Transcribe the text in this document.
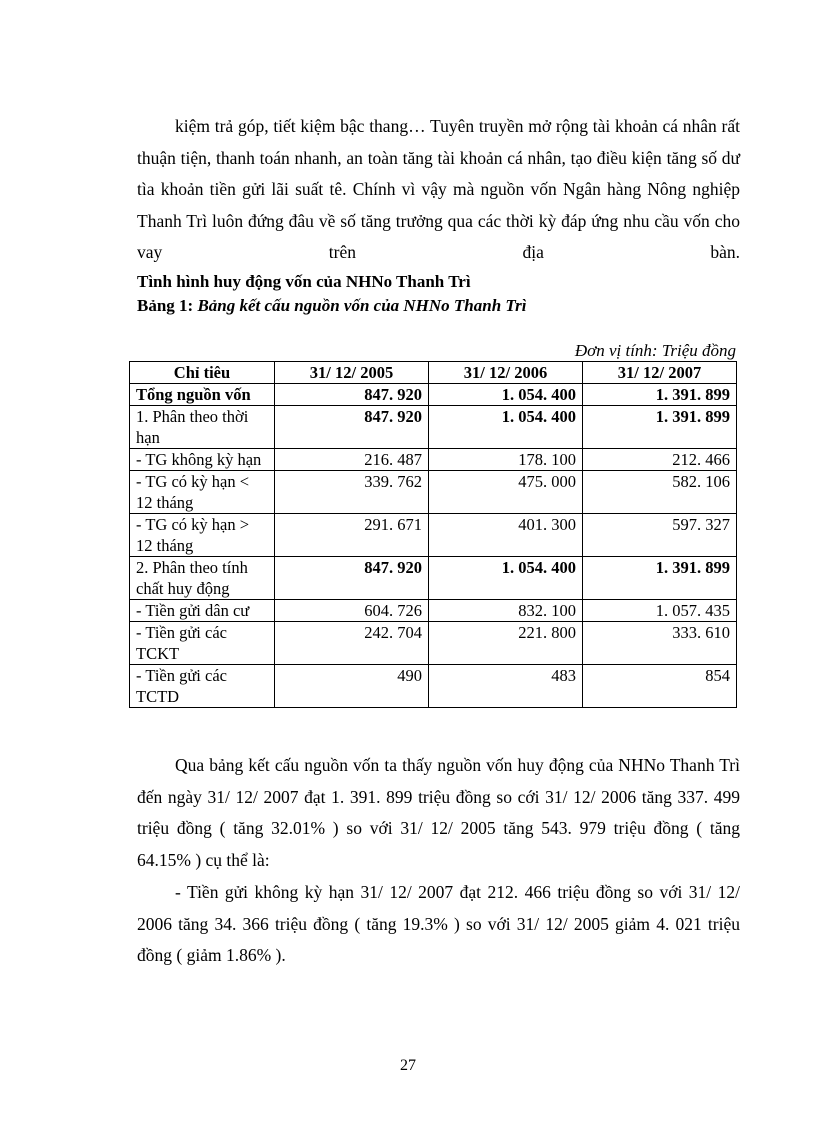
kiệm trả góp, tiết kiệm bậc thang… Tuyên truyền mở rộng tài khoản cá nhân rất thuận tiện, thanh toán nhanh, an toàn tăng tài khoản cá nhân, tạo điều kiện tăng số dư tìa khoản tiền gửi lãi suất tê. Chính vì vậy mà nguồn vốn Ngân hàng Nông nghiệp Thanh Trì luôn đứng đâu về số tăng trưởng qua các thời kỳ đáp ứng nhu cầu vốn cho vay trên địa bàn.

Tình hình huy động vốn của NHNo Thanh Trì
Bảng 1: Bảng kết cấu nguồn vốn của NHNo Thanh Trì
Đơn vị tính: Triệu đồng
Chỉ tiêu	31/ 12/ 2005	31/ 12/ 2006	31/ 12/ 2007
Tổng nguồn vốn	847. 920	1. 054. 400	1. 391. 899
1. Phân theo thời hạn	847. 920	1. 054. 400	1. 391. 899
- TG không kỳ hạn	216. 487	178. 100	212. 466
- TG có kỳ hạn < 12 tháng	339. 762	475. 000	582. 106
- TG có kỳ hạn > 12 tháng	291. 671	401. 300	597. 327
2. Phân theo tính chất huy động	847. 920	1. 054. 400	1. 391. 899
- Tiền gửi dân cư	604. 726	832. 100	1. 057. 435
- Tiền gửi các TCKT	242. 704	221. 800	333. 610
- Tiền gửi các TCTD	490	483	854

Qua bảng kết cấu nguồn vốn ta thấy nguồn vốn huy động của NHNo Thanh Trì đến ngày 31/ 12/ 2007 đạt 1. 391. 899 triệu đồng so cới 31/ 12/ 2006 tăng 337. 499 triệu đồng ( tăng 32.01% ) so với 31/ 12/ 2005 tăng 543. 979 triệu đồng ( tăng 64.15% ) cụ thể là:

- Tiền gửi không kỳ hạn 31/ 12/ 2007 đạt 212. 466 triệu đồng so với 31/ 12/ 2006 tăng 34. 366 triệu đồng ( tăng 19.3% ) so với 31/ 12/ 2005 giảm 4. 021 triệu đồng ( giảm 1.86% ).

27
